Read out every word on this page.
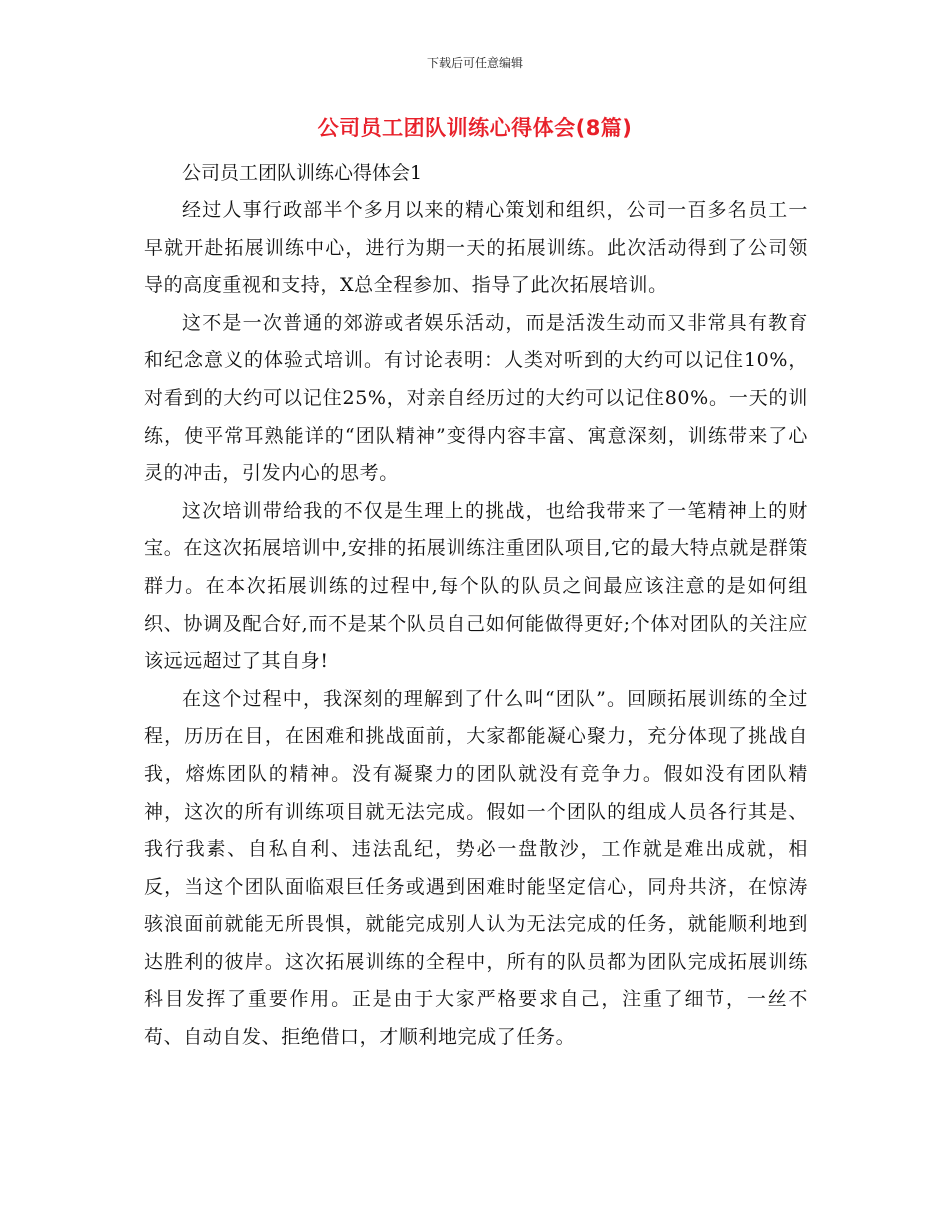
下载后可任意编辑
公司员工团队训练心得体会(8篇)

公司员工团队训练心得体会1

经过人事行政部半个多月以来的精心策划和组织，公司一百多名员工一早就开赴拓展训练中心，进行为期一天的拓展训练。此次活动得到了公司领导的高度重视和支持，X总全程参加、指导了此次拓展培训。

这不是一次普通的郊游或者娱乐活动，而是活泼生动而又非常具有教育和纪念意义的体验式培训。有讨论表明：人类对听到的大约可以记住10%，对看到的大约可以记住25%，对亲自经历过的大约可以记住80%。一天的训练，使平常耳熟能详的“团队精神”变得内容丰富、寓意深刻，训练带来了心灵的冲击，引发内心的思考。

这次培训带给我的不仅是生理上的挑战，也给我带来了一笔精神上的财宝。在这次拓展培训中,安排的拓展训练注重团队项目,它的最大特点就是群策群力。在本次拓展训练的过程中,每个队的队员之间最应该注意的是如何组织、协调及配合好,而不是某个队员自己如何能做得更好;个体对团队的关注应该远远超过了其自身!

在这个过程中，我深刻的理解到了什么叫“团队”。回顾拓展训练的全过程，历历在目，在困难和挑战面前，大家都能凝心聚力，充分体现了挑战自我，熔炼团队的精神。没有凝聚力的团队就没有竞争力。假如没有团队精神，这次的所有训练项目就无法完成。假如一个团队的组成人员各行其是、我行我素、自私自利、违法乱纪，势必一盘散沙，工作就是难出成就，相反，当这个团队面临艰巨任务或遇到困难时能坚定信心，同舟共济，在惊涛骇浪面前就能无所畏惧，就能完成别人认为无法完成的任务，就能顺利地到达胜利的彼岸。这次拓展训练的全程中，所有的队员都为团队完成拓展训练科目发挥了重要作用。正是由于大家严格要求自己，注重了细节，一丝不苟、自动自发、拒绝借口，才顺利地完成了任务。
